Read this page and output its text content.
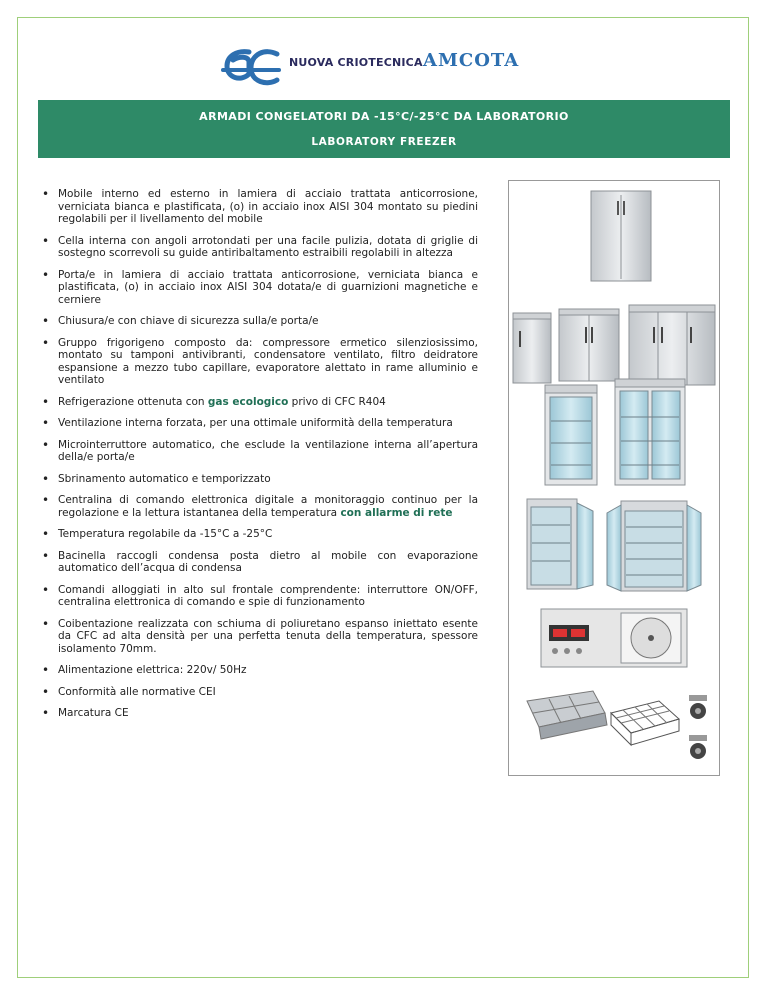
NUOVA CRIOTECNICA AMCOTA
ARMADI CONGELATORI DA -15°C/-25°C DA LABORATORIO
LABORATORY FREEZER
• Mobile interno ed esterno in lamiera di acciaio trattata anticorrosione, verniciata bianca e plastificata, (o) in acciaio inox AISI 304 montato su piedini regolabili per il livellamento del mobile
• Cella interna con angoli arrotondati per una facile pulizia, dotata di griglie di sostegno scorrevoli su guide antiribaltamento estraibili regolabili in altezza
• Porta/e in lamiera di acciaio trattata anticorrosione, verniciata bianca e plastificata, (o) in acciaio inox AISI 304 dotata/e di guarnizioni magnetiche e cerniere
• Chiusura/e con chiave di sicurezza sulla/e porta/e
• Gruppo frigorigeno composto da: compressore ermetico silenziosissimo, montato su tamponi antivibranti, condensatore ventilato, filtro deidratore espansione a mezzo tubo capillare, evaporatore alettato in rame alluminio e ventilato
• Refrigerazione ottenuta con gas ecologico privo di CFC R404
• Ventilazione interna forzata, per una ottimale uniformità della temperatura
• Microinterruttore automatico, che esclude la ventilazione interna all’apertura della/e porta/e
• Sbrinamento automatico e temporizzato
• Centralina di comando elettronica digitale a monitoraggio continuo per la regolazione e la lettura istantanea della temperatura con allarme di rete
• Temperatura regolabile da -15°C a -25°C
• Bacinella raccogli condensa posta dietro al mobile con evaporazione automatico dell’acqua di condensa
• Comandi alloggiati in alto sul frontale comprendente: interruttore ON/OFF, centralina elettronica di comando e spie di funzionamento
• Coibentazione realizzata con schiuma di poliuretano espanso iniettato esente da CFC ad alta densità per una perfetta tenuta della temperatura, spessore isolamento 70mm.
• Alimentazione elettrica: 220v/ 50Hz
• Conformità alle normative CEI
• Marcatura CE
